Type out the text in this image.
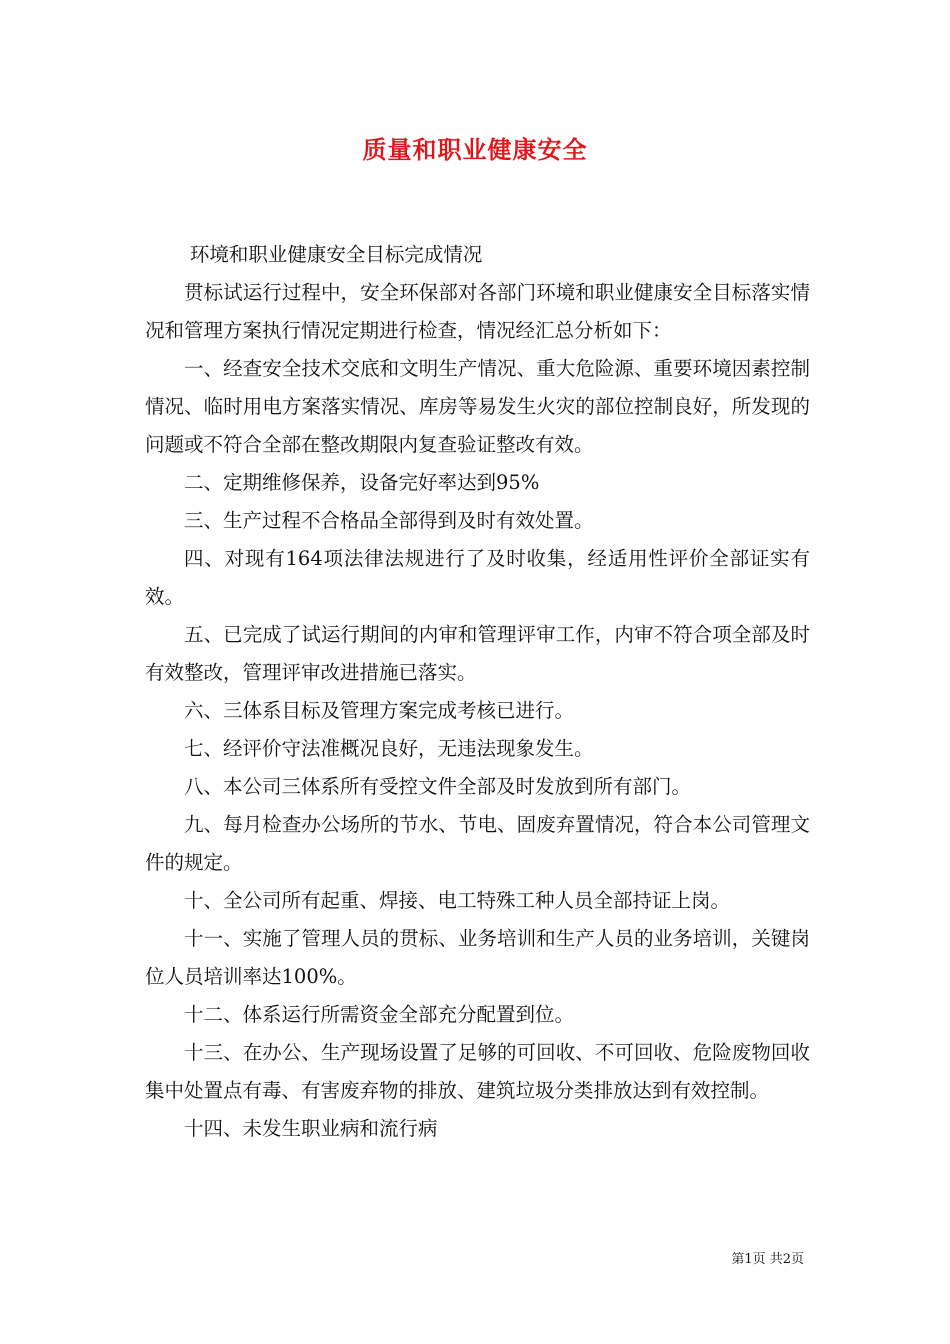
质量和职业健康安全

环境和职业健康安全目标完成情况

贯标试运行过程中，安全环保部对各部门环境和职业健康安全目标落实情况和管理方案执行情况定期进行检查，情况经汇总分析如下：

一、经查安全技术交底和文明生产情况、重大危险源、重要环境因素控制情况、临时用电方案落实情况、库房等易发生火灾的部位控制良好，所发现的问题或不符合全部在整改期限内复查验证整改有效。

二、定期维修保养，设备完好率达到95%

三、生产过程不合格品全部得到及时有效处置。

四、对现有164项法律法规进行了及时收集，经适用性评价全部证实有效。

五、已完成了试运行期间的内审和管理评审工作，内审不符合项全部及时有效整改，管理评审改进措施已落实。

六、三体系目标及管理方案完成考核已进行。

七、经评价守法准概况良好，无违法现象发生。

八、本公司三体系所有受控文件全部及时发放到所有部门。

九、每月检查办公场所的节水、节电、固废弃置情况，符合本公司管理文件的规定。

十、全公司所有起重、焊接、电工特殊工种人员全部持证上岗。

十一、实施了管理人员的贯标、业务培训和生产人员的业务培训，关键岗位人员培训率达100%。

十二、体系运行所需资金全部充分配置到位。

十三、在办公、生产现场设置了足够的可回收、不可回收、危险废物回收集中处置点有毒、有害废弃物的排放、建筑垃圾分类排放达到有效控制。

十四、未发生职业病和流行病

第1页 共2页
